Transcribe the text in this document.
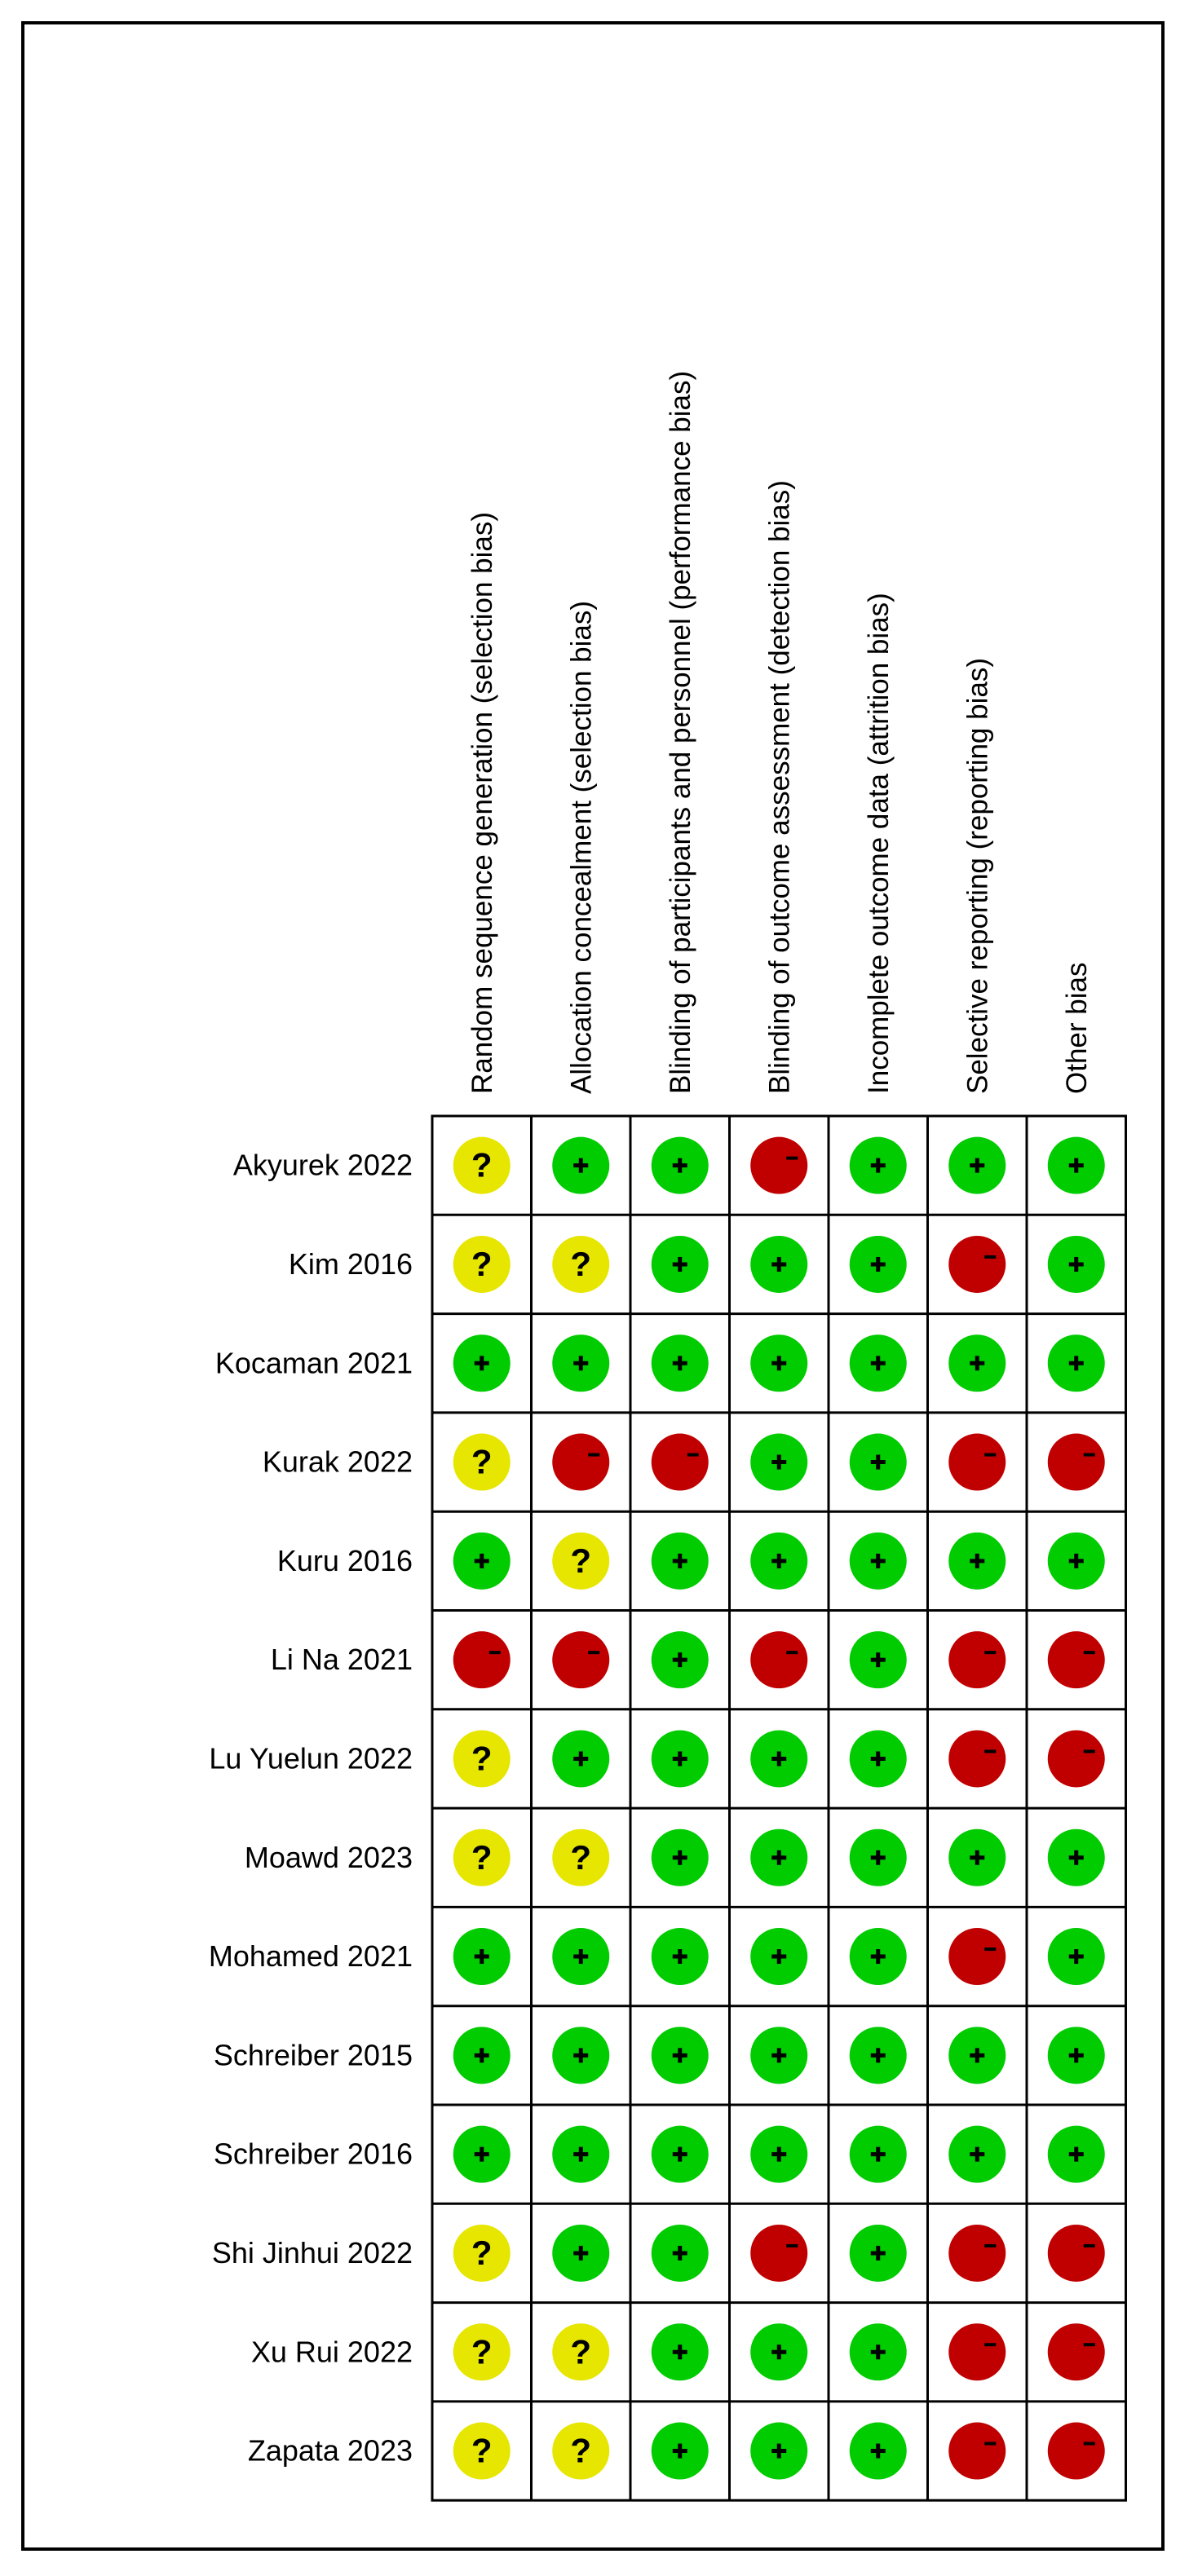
Random sequence generation (selection bias) Allocation concealment (selection bias) Blinding of participants and personnel (performance bias) Blinding of outcome assessment (detection bias) Incomplete outcome data (attrition bias) Selective reporting (reporting bias) Other bias
Akyurek 2022
Kim 2016
Kocaman 2021
Kurak 2022
Kuru 2016
Li Na 2021
Lu Yuelun 2022
Moawd 2023
Mohamed 2021
Schreiber 2015
Schreiber 2016
Shi Jinhui 2022
Xu Rui 2022
Zapata 2023
?
? ?
?
?
?
? ?
?
? ?
? ?
